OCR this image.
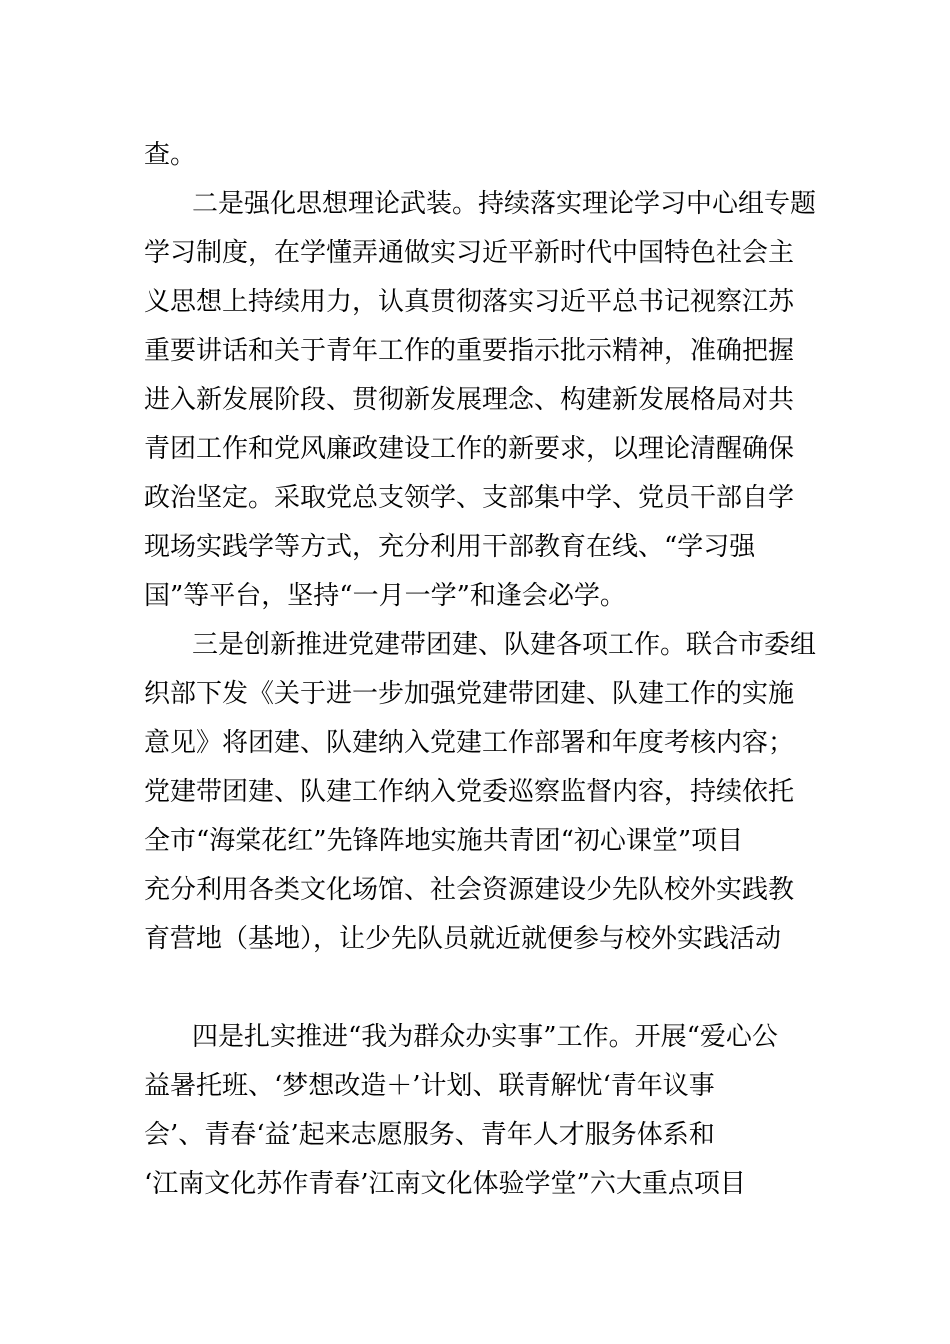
查。
二是强化思想理论武装。持续落实理论学习中心组专题
学习制度，在学懂弄通做实习近平新时代中国特色社会主
义思想上持续用力，认真贯彻落实习近平总书记视察江苏
重要讲话和关于青年工作的重要指示批示精神，准确把握
进入新发展阶段、贯彻新发展理念、构建新发展格局对共
青团工作和党风廉政建设工作的新要求，以理论清醒确保
政治坚定。采取党总支领学、支部集中学、党员干部自学
现场实践学等方式，充分利用干部教育在线、“学习强
国”等平台，坚持“一月一学”和逢会必学。
三是创新推进党建带团建、队建各项工作。联合市委组
织部下发《关于进一步加强党建带团建、队建工作的实施
意见》将团建、队建纳入党建工作部署和年度考核内容；
党建带团建、队建工作纳入党委巡察监督内容，持续依托
全市“海棠花红”先锋阵地实施共青团“初心课堂”项目
充分利用各类文化场馆、社会资源建设少先队校外实践教
育营地（基地），让少先队员就近就便参与校外实践活动
四是扎实推进“我为群众办实事”工作。开展“爱心公
益暑托班、‘梦想改造＋’计划、联青解忧‘青年议事
会’、青春‘益’起来志愿服务、青年人才服务体系和
‘江南文化苏作青春’江南文化体验学堂”六大重点项目
